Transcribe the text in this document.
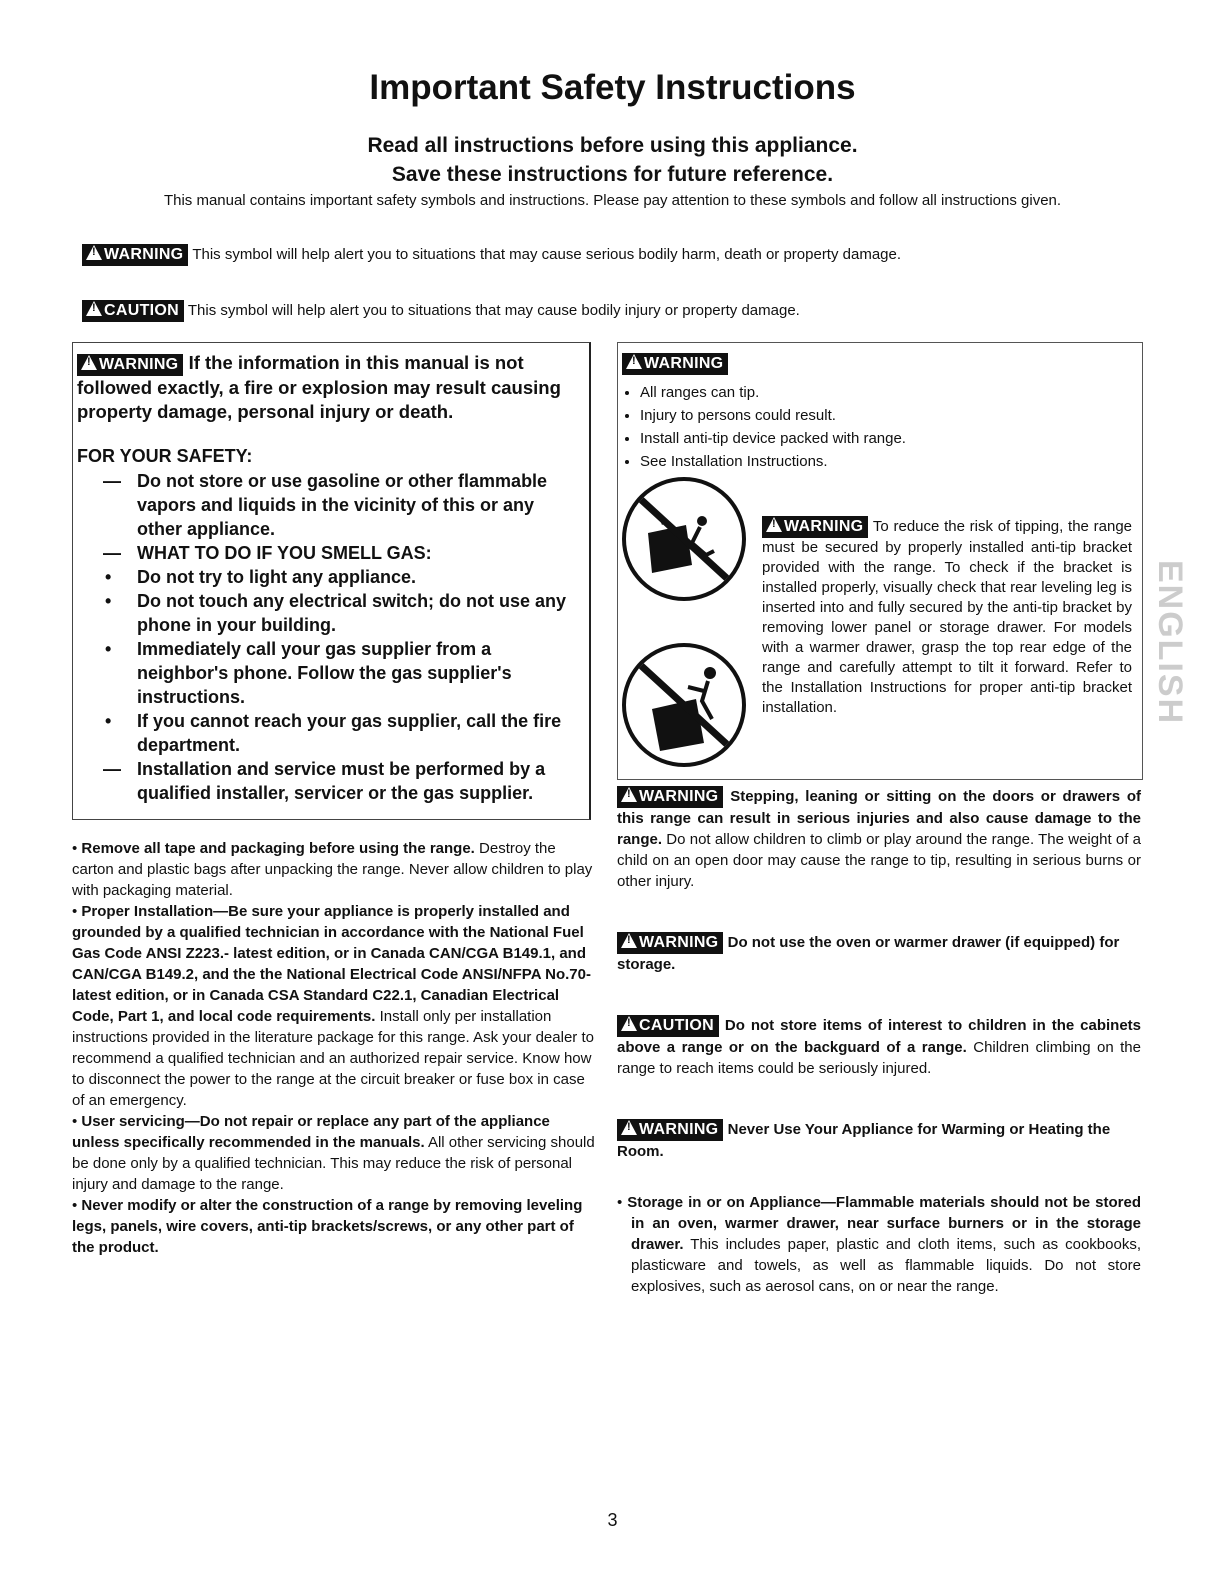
Important Safety Instructions

Read all instructions before using this appliance.

Save these instructions for future reference.

This manual contains important safety symbols and instructions. Please pay attention to these symbols and follow all instructions given.

!WARNING This symbol will help alert you to situations that may cause serious bodily harm, death or property damage.
!CAUTION This symbol will help alert you to situations that may cause bodily injury or property damage.

!WARNING If the information in this manual is not followed exactly, a fire or explosion may result causing property damage, personal injury or death.

FOR YOUR SAFETY:

— Do not store or use gasoline or other flammable vapors and liquids in the vicinity of this or any other appliance.
— WHAT TO DO IF YOU SMELL GAS:
• Do not try to light any appliance.
• Do not touch any electrical switch; do not use any phone in your building.
• Immediately call your gas supplier from a neighbor's phone. Follow the gas supplier's instructions.
• If you cannot reach your gas supplier, call the fire department.
— Installation and service must be performed by a qualified installer, servicer or the gas supplier.

• Remove all tape and packaging before using the range. Destroy the carton and plastic bags after unpacking the range. Never allow children to play with packaging material.

• Proper Installation—Be sure your appliance is properly installed and grounded by a qualified technician in accordance with the National Fuel Gas Code ANSI Z223.- latest edition, or in Canada CAN/CGA B149.1, and CAN/CGA B149.2, and the the National Electrical Code ANSI/NFPA No.70-latest edition, or in Canada CSA Standard C22.1, Canadian Electrical Code, Part 1, and local code requirements. Install only per installation instructions provided in the literature package for this range. Ask your dealer to recommend a qualified technician and an authorized repair service. Know how to disconnect the power to the range at the circuit breaker or fuse box in case of an emergency.

• User servicing—Do not repair or replace any part of the appliance unless specifically recommended in the manuals. All other servicing should be done only by a qualified technician. This may reduce the risk of personal injury and damage to the range.

• Never modify or alter the construction of a range by removing leveling legs, panels, wire covers, anti-tip brackets/screws, or any other part of the product.

!WARNING
• All ranges can tip.
• Injury to persons could result.
• Install anti-tip device packed with range.
• See Installation Instructions.

!WARNING To reduce the risk of tipping, the range must be secured by properly installed anti-tip bracket provided with the range. To check if the bracket is installed properly, visually check that rear leveling leg is inserted into and fully secured by the anti-tip bracket by removing lower panel or storage drawer. For models with a warmer drawer, grasp the top rear edge of the range and carefully attempt to tilt it forward. Refer to the Installation Instructions for proper anti-tip bracket installation.

!WARNING Stepping, leaning or sitting on the doors or drawers of this range can result in serious injuries and also cause damage to the range. Do not allow children to climb or play around the range. The weight of a child on an open door may cause the range to tip, resulting in serious burns or other injury.

!WARNING Do not use the oven or warmer drawer (if equipped) for storage.

!CAUTION Do not store items of interest to children in the cabinets above a range or on the backguard of a range. Children climbing on the range to reach items could be seriously injured.

!WARNING Never Use Your Appliance for Warming or Heating the Room.

• Storage in or on Appliance—Flammable materials should not be stored in an oven, warmer drawer, near surface burners or in the storage drawer. This includes paper, plastic and cloth items, such as cookbooks, plasticware and towels, as well as flammable liquids. Do not store explosives, such as aerosol cans, on or near the range.

ENGLISH
3
